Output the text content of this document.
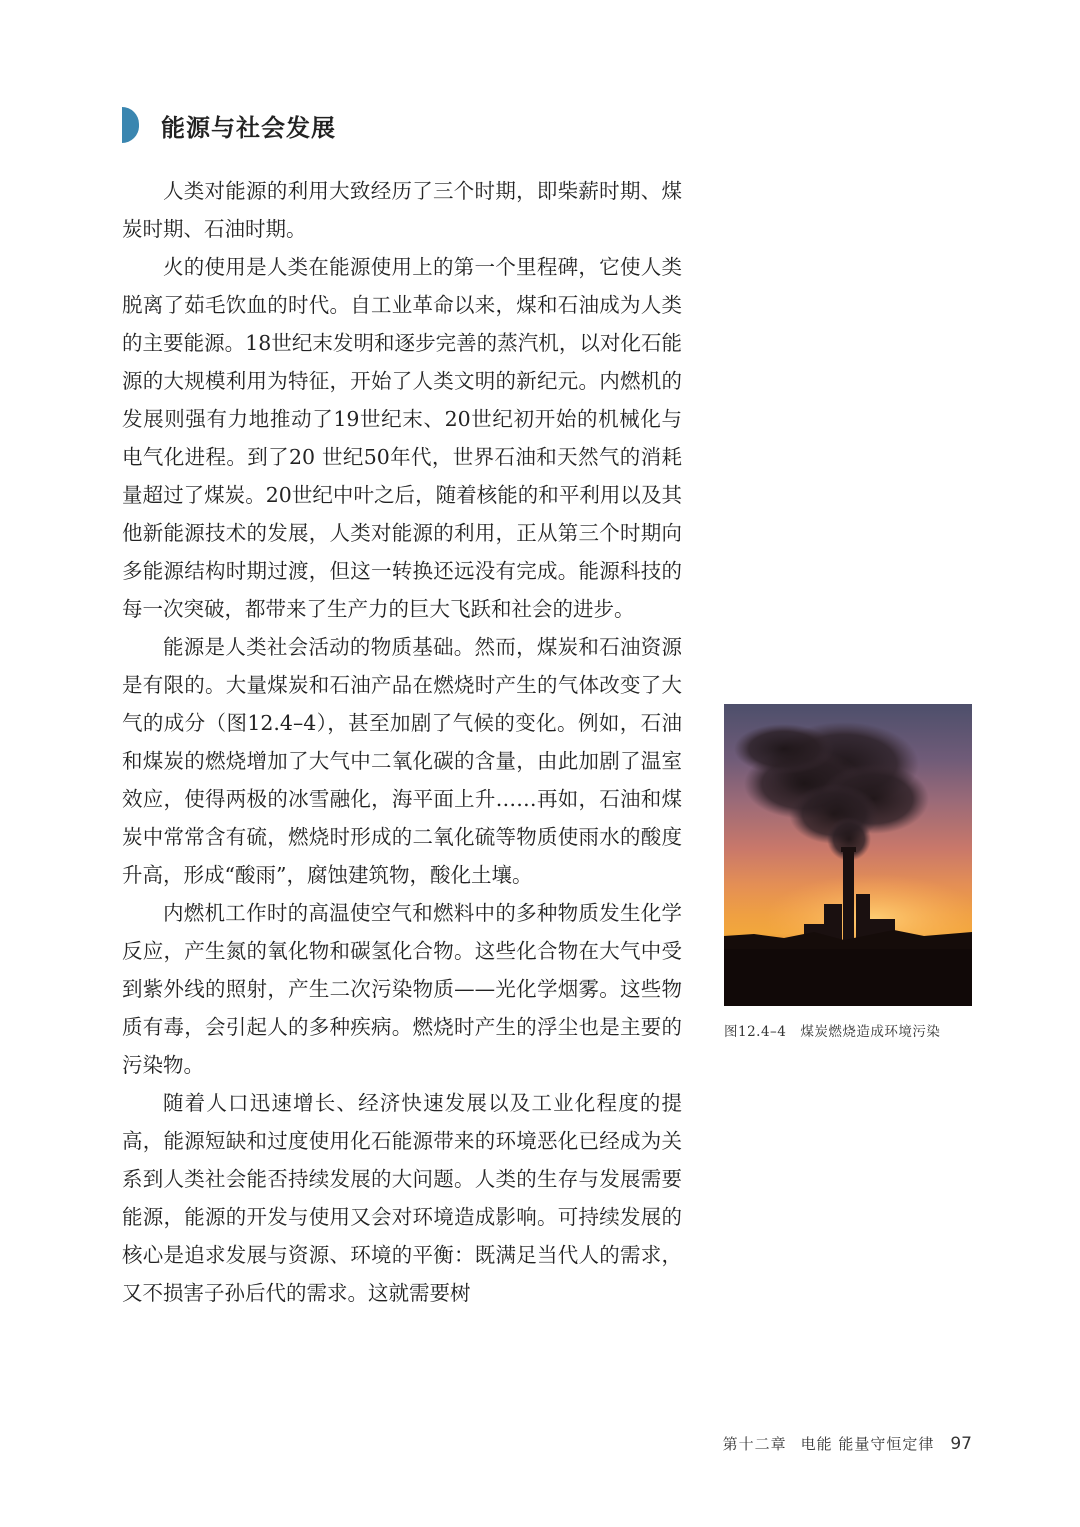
能源与社会发展

人类对能源的利用大致经历了三个时期，即柴薪时期、煤炭时期、石油时期。

火的使用是人类在能源使用上的第一个里程碑，它使人类脱离了茹毛饮血的时代。自工业革命以来，煤和石油成为人类的主要能源。18世纪末发明和逐步完善的蒸汽机，以对化石能源的大规模利用为特征，开始了人类文明的新纪元。内燃机的发展则强有力地推动了19世纪末、20世纪初开始的机械化与电气化进程。到了20 世纪50年代，世界石油和天然气的消耗量超过了煤炭。20世纪中叶之后，随着核能的和平利用以及其他新能源技术的发展，人类对能源的利用，正从第三个时期向多能源结构时期过渡，但这一转换还远没有完成。能源科技的每一次突破，都带来了生产力的巨大飞跃和社会的进步。

能源是人类社会活动的物质基础。然而，煤炭和石油资源是有限的。大量煤炭和石油产品在燃烧时产生的气体改变了大气的成分（图12.4–4），甚至加剧了气候的变化。例如，石油和煤炭的燃烧增加了大气中二氧化碳的含量，由此加剧了温室效应，使得两极的冰雪融化，海平面上升……再如，石油和煤炭中常常含有硫，燃烧时形成的二氧化硫等物质使雨水的酸度升高，形成“酸雨”，腐蚀建筑物，酸化土壤。

内燃机工作时的高温使空气和燃料中的多种物质发生化学反应，产生氮的氧化物和碳氢化合物。这些化合物在大气中受到紫外线的照射，产生二次污染物质——光化学烟雾。这些物质有毒，会引起人的多种疾病。燃烧时产生的浮尘也是主要的污染物。

随着人口迅速增长、经济快速发展以及工业化程度的提高，能源短缺和过度使用化石能源带来的环境恶化已经成为关系到人类社会能否持续发展的大问题。人类的生存与发展需要能源，能源的开发与使用又会对环境造成影响。可持续发展的核心是追求发展与资源、环境的平衡：既满足当代人的需求，又不损害子孙后代的需求。这就需要树

图12.4–4 煤炭燃烧造成环境污染
第十二章 电能 能量守恒定律 97
